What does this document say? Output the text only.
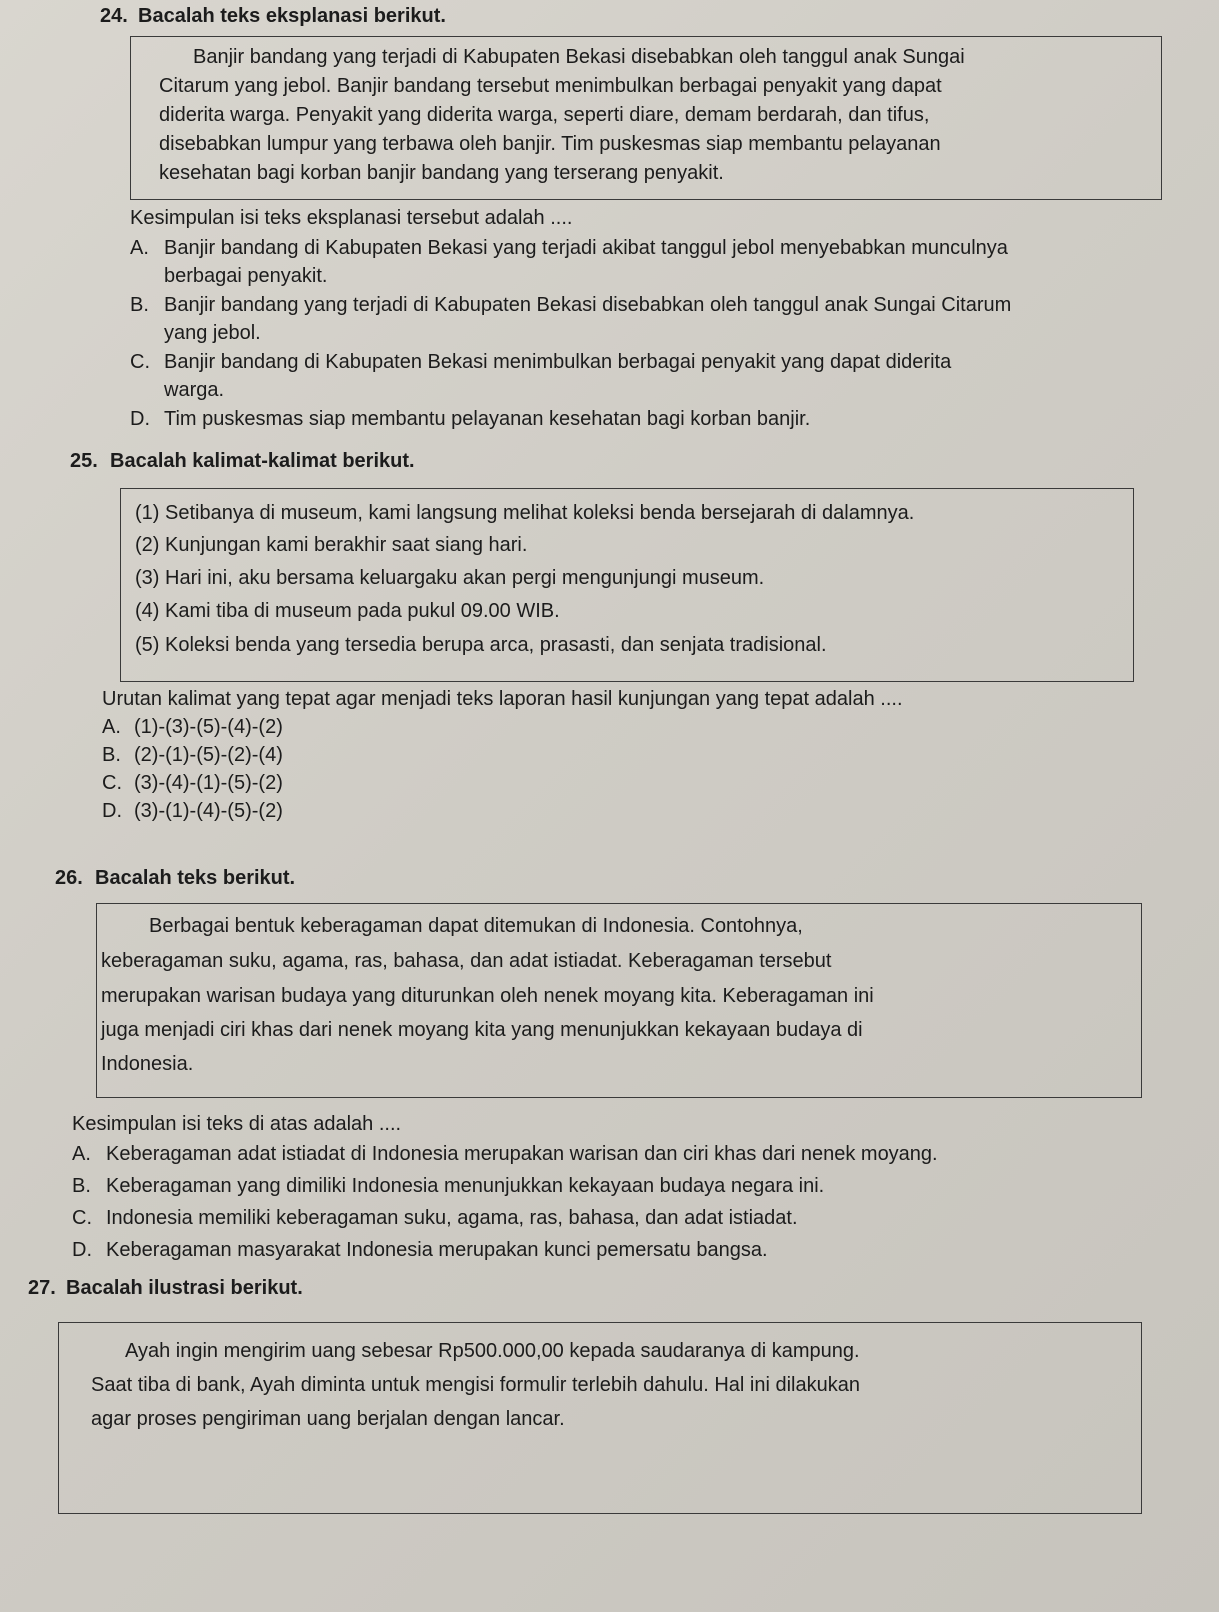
24. Bacalah teks eksplanasi berikut.

Banjir bandang yang terjadi di Kabupaten Bekasi disebabkan oleh tanggul anak Sungai

Citarum yang jebol. Banjir bandang tersebut menimbulkan berbagai penyakit yang dapat

diderita warga. Penyakit yang diderita warga, seperti diare, demam berdarah, dan tifus,

disebabkan lumpur yang terbawa oleh banjir. Tim puskesmas siap membantu pelayanan

kesehatan bagi korban banjir bandang yang terserang penyakit.

Kesimpulan isi teks eksplanasi tersebut adalah ....
A. Banjir bandang di Kabupaten Bekasi yang terjadi akibat tanggul jebol menyebabkan munculnya
berbagai penyakit.
B. Banjir bandang yang terjadi di Kabupaten Bekasi disebabkan oleh tanggul anak Sungai Citarum
yang jebol.
C. Banjir bandang di Kabupaten Bekasi menimbulkan berbagai penyakit yang dapat diderita
warga.
D. Tim puskesmas siap membantu pelayanan kesehatan bagi korban banjir.
25. Bacalah kalimat-kalimat berikut.

(1) Setibanya di museum, kami langsung melihat koleksi benda bersejarah di dalamnya.

(2) Kunjungan kami berakhir saat siang hari.

(3) Hari ini, aku bersama keluargaku akan pergi mengunjungi museum.

(4) Kami tiba di museum pada pukul 09.00 WIB.

(5) Koleksi benda yang tersedia berupa arca, prasasti, dan senjata tradisional.

Urutan kalimat yang tepat agar menjadi teks laporan hasil kunjungan yang tepat adalah ....
A. (1)-(3)-(5)-(4)-(2)
B. (2)-(1)-(5)-(2)-(4)
C. (3)-(4)-(1)-(5)-(2)
D. (3)-(1)-(4)-(5)-(2)
26. Bacalah teks berikut.

Berbagai bentuk keberagaman dapat ditemukan di Indonesia. Contohnya,

keberagaman suku, agama, ras, bahasa, dan adat istiadat. Keberagaman tersebut

merupakan warisan budaya yang diturunkan oleh nenek moyang kita. Keberagaman ini

juga menjadi ciri khas dari nenek moyang kita yang menunjukkan kekayaan budaya di

Indonesia.

Kesimpulan isi teks di atas adalah ....
A. Keberagaman adat istiadat di Indonesia merupakan warisan dan ciri khas dari nenek moyang.
B. Keberagaman yang dimiliki Indonesia menunjukkan kekayaan budaya negara ini.
C. Indonesia memiliki keberagaman suku, agama, ras, bahasa, dan adat istiadat.
D. Keberagaman masyarakat Indonesia merupakan kunci pemersatu bangsa.
27. Bacalah ilustrasi berikut.

Ayah ingin mengirim uang sebesar Rp500.000,00 kepada saudaranya di kampung.

Saat tiba di bank, Ayah diminta untuk mengisi formulir terlebih dahulu. Hal ini dilakukan

agar proses pengiriman uang berjalan dengan lancar.
